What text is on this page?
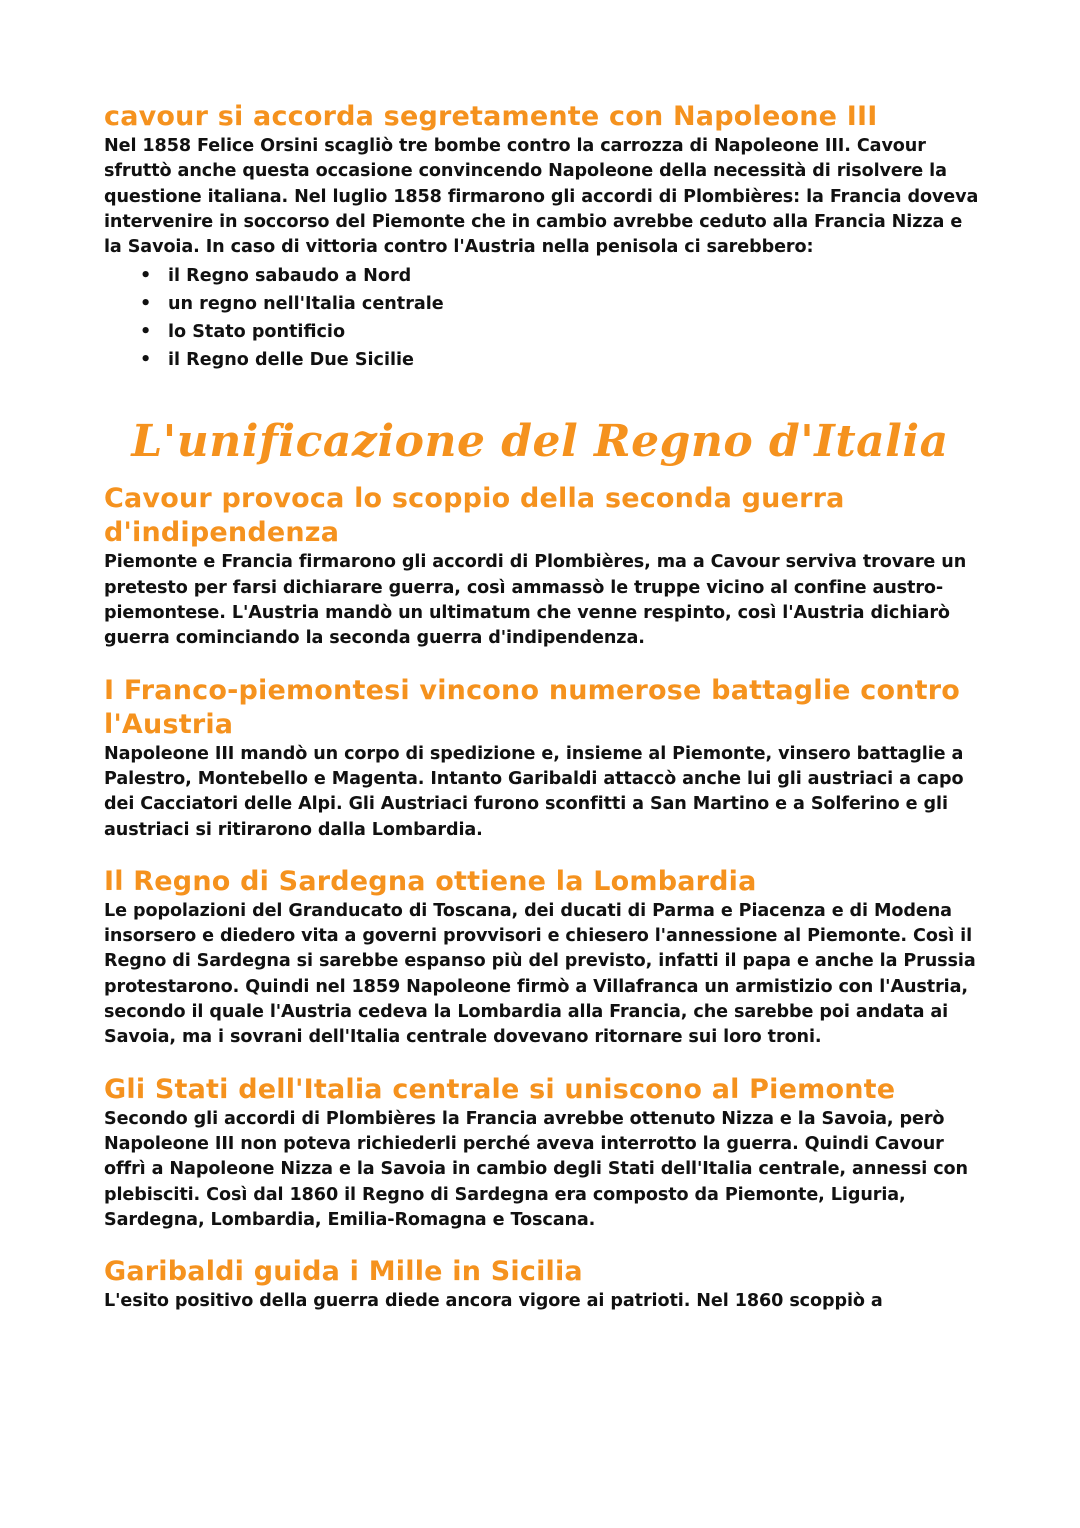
cavour si accorda segretamente con Napoleone III

Nel 1858 Felice Orsini scagliò tre bombe contro la carrozza di Napoleone III. Cavour sfruttò anche questa occasione convincendo Napoleone della necessità di risolvere la questione italiana. Nel luglio 1858 firmarono gli accordi di Plombières: la Francia doveva intervenire in soccorso del Piemonte che in cambio avrebbe ceduto alla Francia Nizza e la Savoia. In caso di vittoria contro l'Austria nella penisola ci sarebbero:

• il Regno sabaudo a Nord
• un regno nell'Italia centrale
• lo Stato pontificio
• il Regno delle Due Sicilie
L'unificazione del Regno d'Italia
Cavour provoca lo scoppio della seconda guerra d'indipendenza

Piemonte e Francia firmarono gli accordi di Plombières, ma a Cavour serviva trovare un pretesto per farsi dichiarare guerra, così ammassò le truppe vicino al confine austro-piemontese. L'Austria mandò un ultimatum che venne respinto, così l'Austria dichiarò guerra cominciando la seconda guerra d'indipendenza.

I Franco-piemontesi vincono numerose battaglie contro l'Austria

Napoleone III mandò un corpo di spedizione e, insieme al Piemonte, vinsero battaglie a Palestro, Montebello e Magenta. Intanto Garibaldi attaccò anche lui gli austriaci a capo dei Cacciatori delle Alpi. Gli Austriaci furono sconfitti a San Martino e a Solferino e gli austriaci si ritirarono dalla Lombardia.

Il Regno di Sardegna ottiene la Lombardia

Le popolazioni del Granducato di Toscana, dei ducati di Parma e Piacenza e di Modena insorsero e diedero vita a governi provvisori e chiesero l'annessione al Piemonte. Così il Regno di Sardegna si sarebbe espanso più del previsto, infatti il papa e anche la Prussia protestarono. Quindi nel 1859 Napoleone firmò a Villafranca un armistizio con l'Austria, secondo il quale l'Austria cedeva la Lombardia alla Francia, che sarebbe poi andata ai Savoia, ma i sovrani dell'Italia centrale dovevano ritornare sui loro troni.

Gli Stati dell'Italia centrale si uniscono al Piemonte

Secondo gli accordi di Plombières la Francia avrebbe ottenuto Nizza e la Savoia, però Napoleone III non poteva richiederli perché aveva interrotto la guerra. Quindi Cavour offrì a Napoleone Nizza e la Savoia in cambio degli Stati dell'Italia centrale, annessi con plebisciti. Così dal 1860 il Regno di Sardegna era composto da Piemonte, Liguria, Sardegna, Lombardia, Emilia-Romagna e Toscana.

Garibaldi guida i Mille in Sicilia

L'esito positivo della guerra diede ancora vigore ai patrioti. Nel 1860 scoppiò a
